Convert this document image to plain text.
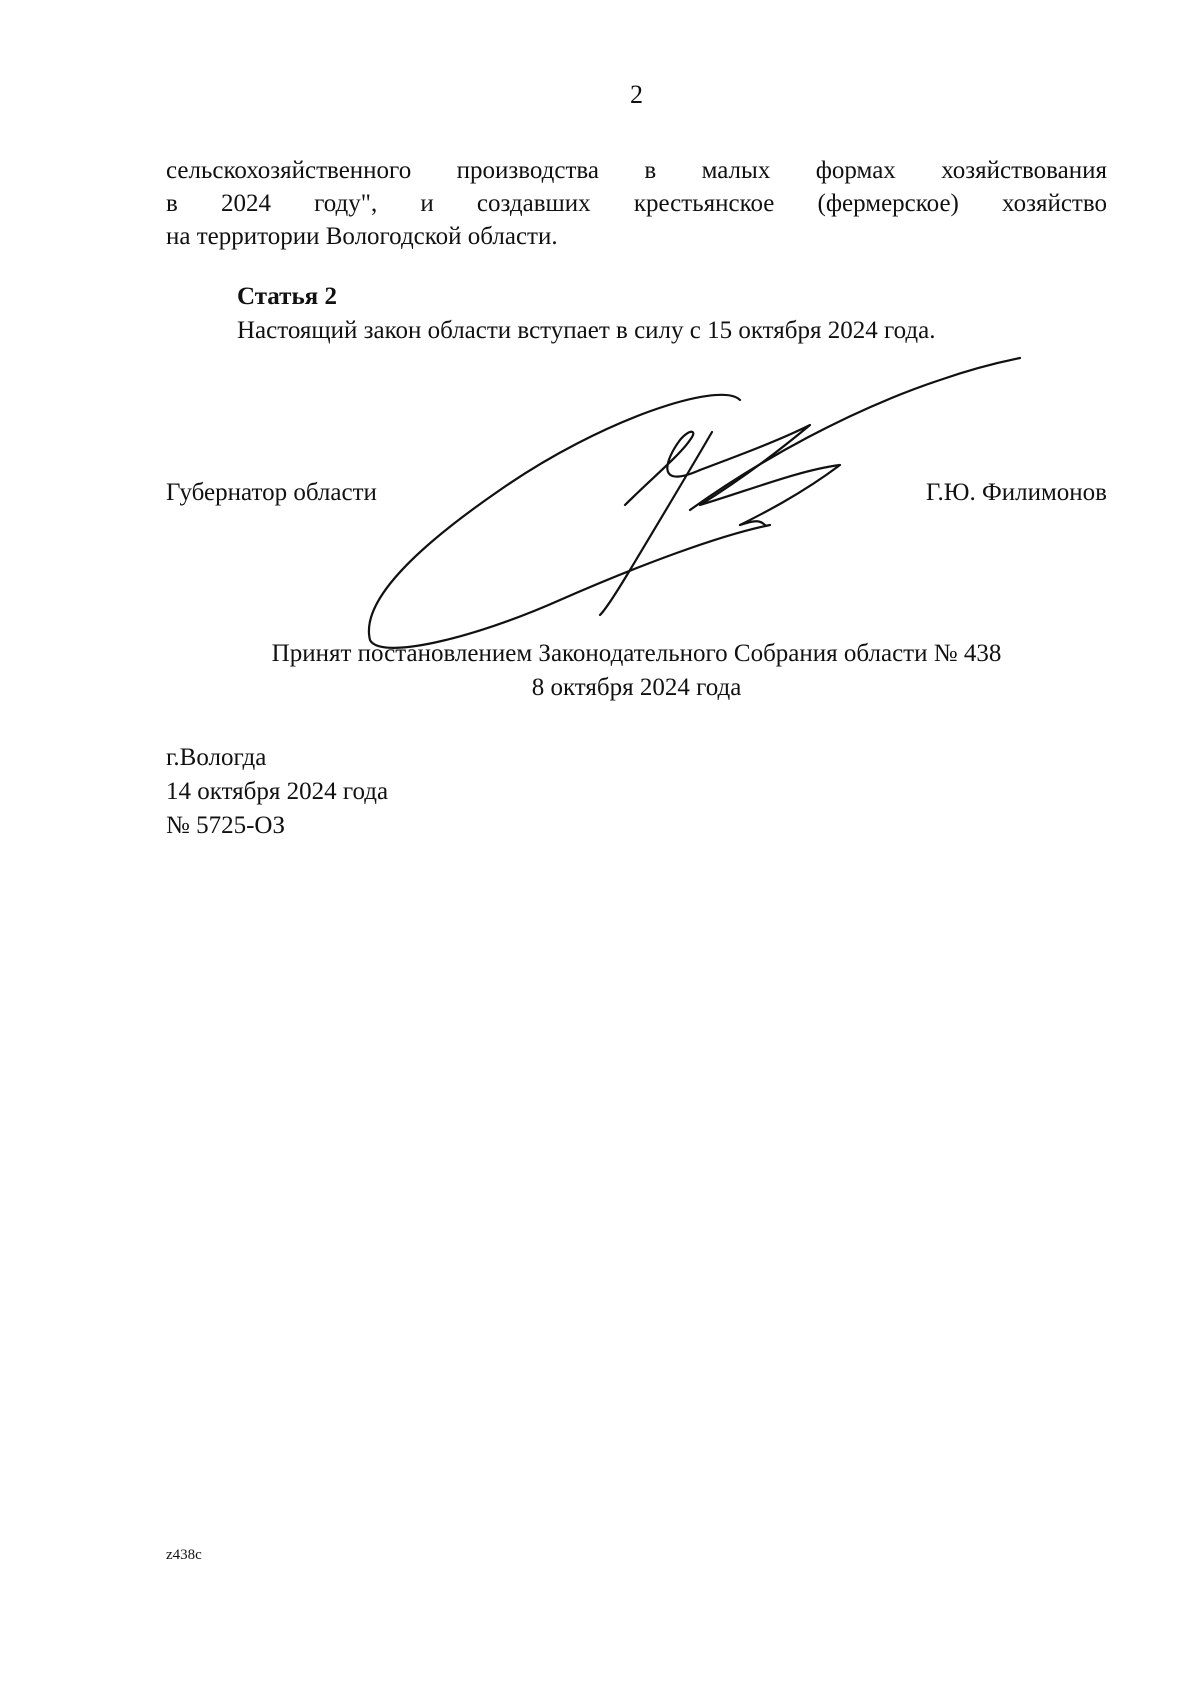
2
сельскохозяйственного производства в малых формах хозяйствования
в 2024 году", и создавших крестьянское (фермерское) хозяйство
на территории Вологодской области.
Статья 2
Настоящий закон области вступает в силу с 15 октября 2024 года.
Губернатор области	Г.Ю. Филимонов
Принят постановлением Законодательного Собрания области № 438
8 октября 2024 года
г.Вологда
14 октября 2024 года
№ 5725-ОЗ
z438c
